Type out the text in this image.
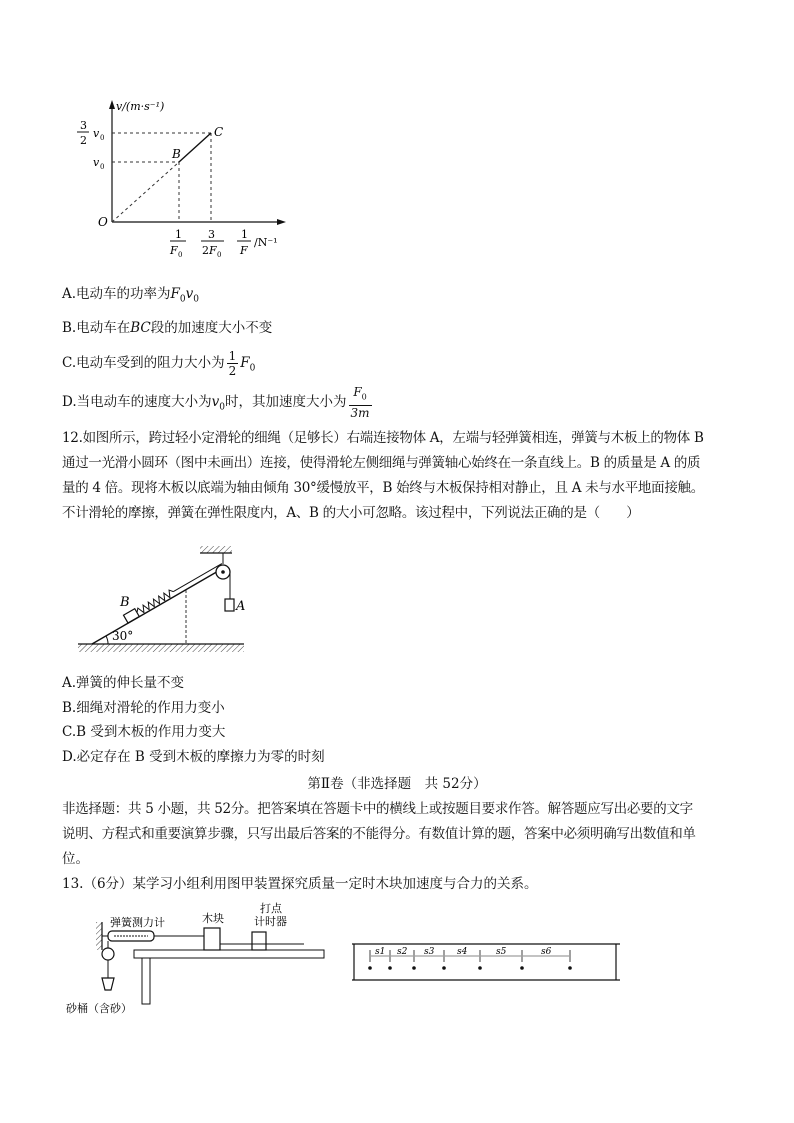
v/(m·s⁻¹)
O
B
C
3
2
v 0
v 0
1
F 0
3
2 F 0
1
F
/N⁻¹
A.电动车的功率为$F_0v_0$
B.电动车在BC段的加速度大小不变
C.电动车受到的阻力大小为 $\frac{1}{2} F_0$
D.当电动车的速度大小为$v_0$时，其加速度大小为 $\frac{F_0}{3m}$
12.如图所示，跨过轻小定滑轮的细绳（足够长）右端连接物体 A，左端与轻弹簧相连，弹簧与木板上的物体 B
通过一光滑小圆环（图中未画出）连接，使得滑轮左侧细绳与弹簧轴心始终在一条直线上。B 的质量是 A 的质
量的 4 倍。现将木板以底端为轴由倾角 30°缓慢放平，B 始终与木板保持相对静止，且 A 未与水平地面接触。
不计滑轮的摩擦，弹簧在弹性限度内，A、B 的大小可忽略。该过程中，下列说法正确的是（　　）
A
B
30°
A.弹簧的伸长量不变
B.细绳对滑轮的作用力变小
C.B 受到木板的作用力变大
D.必定存在 B 受到木板的摩擦力为零的时刻
第Ⅱ卷（非选择题　共 52分）
非选择题：共 5 小题，共 52分。把答案填在答题卡中的横线上或按题目要求作答。解答题应写出必要的文字
说明、方程式和重要演算步骤，只写出最后答案的不能得分。有数值计算的题，答案中必须明确写出数值和单
位。
13.（6分）某学习小组利用图甲装置探究质量一定时木块加速度与合力的关系。
弹簧测力计	木块
打点
计时器
砂桶（含砂）
s1 s2 s3	s4	s5	s6
